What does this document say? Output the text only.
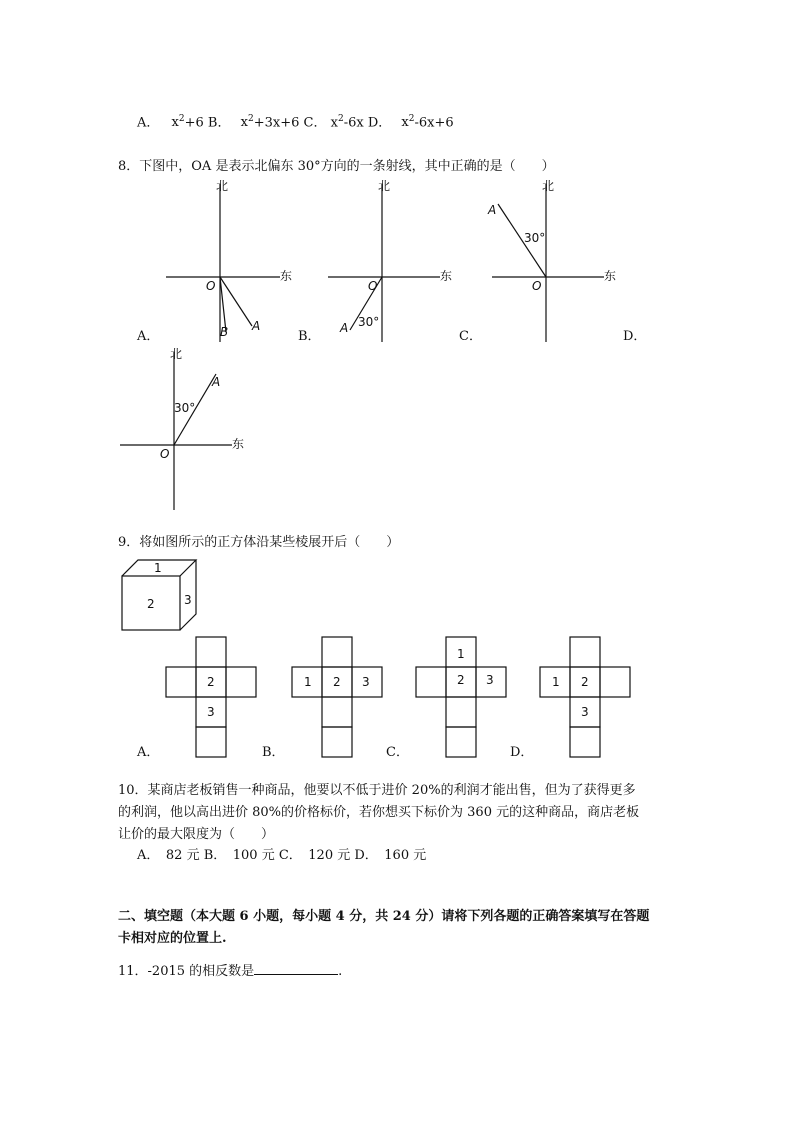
A． $x^2+6$ B． $x^2+3x+6$ C． $x^2-6x$ D． $x^2-6x+6$
8．下图中，OA 是表示北偏东 30°方向的一条射线，其中正确的是（　　）
北
东
O
A
B
A．
北
东
O
A 30°
B．
北
东
O
A
30°
C．	D．
北
东
O
A
30°
9．将如图所示的正方体沿某些棱展开后（　　）
1
2 3
2
3
A．
1 2 3
B．
1
2 3
C．
1 2
3
D．
10．某商店老板销售一种商品，他要以不低于进价 20%的利润才能出售，但为了获得更多
的利润，他以高出进价 80%的价格标价，若你想买下标价为 360 元的这种商品，商店老板
让价的最大限度为（　　）
A．　82 元 B．　100 元 C．　120 元 D．　160 元
二、填空题（本大题 6 小题，每小题 4 分，共 24 分）请将下列各题的正确答案填写在答题
卡相对应的位置上.
11．-2015 的相反数是	.
